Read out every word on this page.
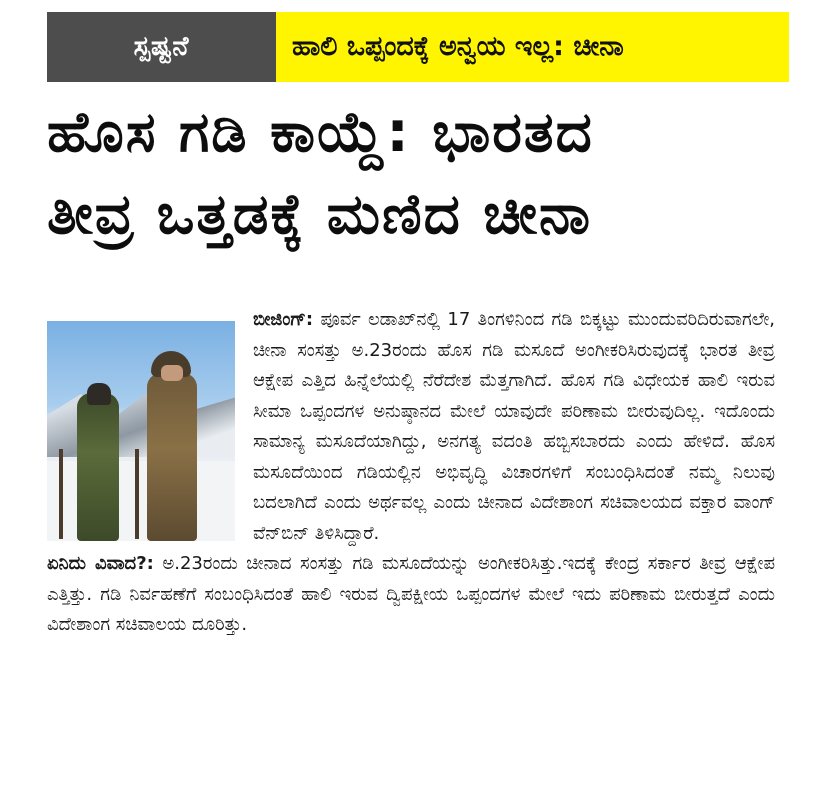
ಸ್ಪಷ್ಟನೆ	ಹಾಲಿ ಒಪ್ಪಂದಕ್ಕೆ ಅನ್ವಯ ಇಲ್ಲ: ಚೀನಾ
ಹೊಸ ಗಡಿ ಕಾಯ್ದೆ: ಭಾರತದ
ತೀವ್ರ ಒತ್ತಡಕ್ಕೆ ಮಣಿದ ಚೀನಾ

ಬೀಜಿಂಗ್: ಪೂರ್ವ ಲಡಾಖ್‌ನಲ್ಲಿ 17 ತಿಂಗಳಿನಿಂದ ಗಡಿ ಬಿಕ್ಕಟ್ಟು ಮುಂದುವರಿದಿರುವಾಗಲೇ, ಚೀನಾ ಸಂಸತ್ತು ಅ.23ರಂದು ಹೊಸ ಗಡಿ ಮಸೂದೆ ಅಂಗೀಕರಿಸಿರುವುದಕ್ಕೆ ಭಾರತ ತೀವ್ರ ಆಕ್ಷೇಪ ಎತ್ತಿದ ಹಿನ್ನೆಲೆಯಲ್ಲಿ ನೆರೆದೇಶ ಮೆತ್ತಗಾಗಿದೆ. ಹೊಸ ಗಡಿ ವಿಧೇಯಕ ಹಾಲಿ ಇರುವ ಸೀಮಾ ಒಪ್ಪಂದಗಳ ಅನುಷ್ಠಾನದ ಮೇಲೆ ಯಾವುದೇ ಪರಿಣಾಮ ಬೀರುವುದಿಲ್ಲ. ಇದೊಂದು ಸಾಮಾನ್ಯ ಮಸೂದೆಯಾಗಿದ್ದು, ಅನಗತ್ಯ ವದಂತಿ ಹಬ್ಬಿಸಬಾರದು ಎಂದು ಹೇಳಿದೆ. ಹೊಸ ಮಸೂದೆಯಿಂದ ಗಡಿಯಲ್ಲಿನ ಅಭಿವೃದ್ಧಿ ವಿಚಾರಗಳಿಗೆ ಸಂಬಂಧಿಸಿದಂತೆ ನಮ್ಮ ನಿಲುವು ಬದಲಾಗಿದೆ ಎಂದು ಅರ್ಥವಲ್ಲ ಎಂದು ಚೀನಾದ ವಿದೇಶಾಂಗ ಸಚಿವಾಲಯದ ವಕ್ತಾರ ವಾಂಗ್ ವೆನ್‌ಬಿನ್ ತಿಳಿಸಿದ್ದಾರೆ.

ಏನಿದು ವಿವಾದ?: ಅ.23ರಂದು ಚೀನಾದ ಸಂಸತ್ತು ಗಡಿ ಮಸೂದೆಯನ್ನು ಅಂಗೀಕರಿಸಿತ್ತು.ಇದಕ್ಕೆ ಕೇಂದ್ರ ಸರ್ಕಾರ ತೀವ್ರ ಆಕ್ಷೇಪ ಎತ್ತಿತ್ತು. ಗಡಿ ನಿರ್ವಹಣೆಗೆ ಸಂಬಂಧಿಸಿದಂತೆ ಹಾಲಿ ಇರುವ ದ್ವಿಪಕ್ಷೀಯ ಒಪ್ಪಂದಗಳ ಮೇಲೆ ಇದು ಪರಿಣಾಮ ಬೀರುತ್ತದೆ ಎಂದು ವಿದೇಶಾಂಗ ಸಚಿವಾಲಯ ದೂರಿತ್ತು.
